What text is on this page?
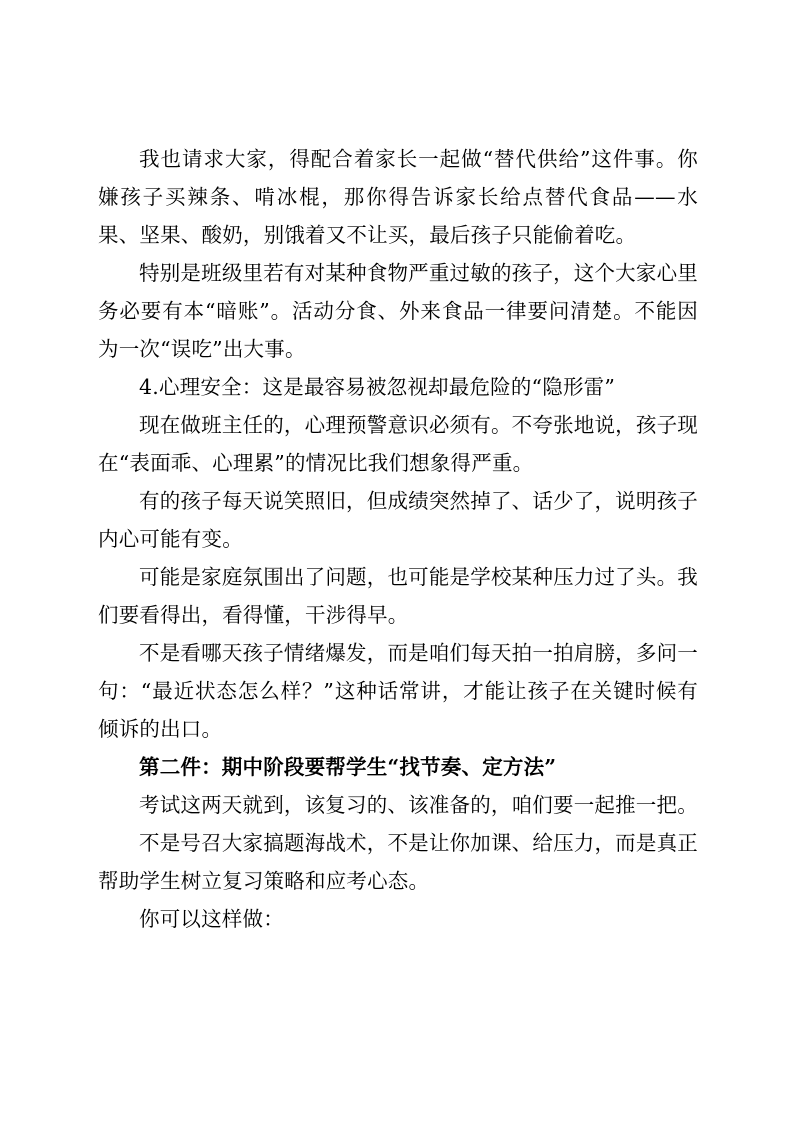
我也请求大家，得配合着家长一起做“替代供给”这件事。你嫌孩子买辣条、啃冰棍，那你得告诉家长给点替代食品——水果、坚果、酸奶，别饿着又不让买，最后孩子只能偷着吃。

特别是班级里若有对某种食物严重过敏的孩子，这个大家心里务必要有本“暗账”。活动分食、外来食品一律要问清楚。不能因为一次“误吃”出大事。

4.心理安全：这是最容易被忽视却最危险的“隐形雷”

现在做班主任的，心理预警意识必须有。不夸张地说，孩子现在“表面乖、心理累”的情况比我们想象得严重。

有的孩子每天说笑照旧，但成绩突然掉了、话少了，说明孩子内心可能有变。

可能是家庭氛围出了问题，也可能是学校某种压力过了头。我们要看得出，看得懂，干涉得早。

不是看哪天孩子情绪爆发，而是咱们每天拍一拍肩膀，多问一句：“最近状态怎么样？”这种话常讲，才能让孩子在关键时候有倾诉的出口。

第二件：期中阶段要帮学生“找节奏、定方法”

考试这两天就到，该复习的、该准备的，咱们要一起推一把。

不是号召大家搞题海战术，不是让你加课、给压力，而是真正帮助学生树立复习策略和应考心态。

你可以这样做：
